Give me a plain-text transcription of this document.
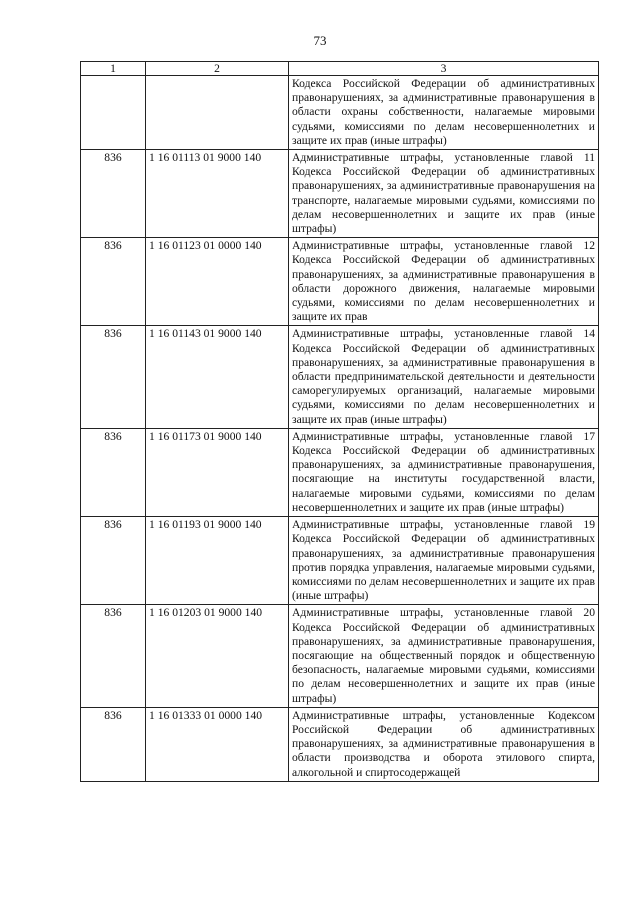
73
1	2	3
		Кодекса Российской Федерации об административных правонарушениях, за административные правонарушения в области охраны собственности, налагаемые мировыми судьями, комиссиями по делам несовершеннолетних и защите их прав (иные штрафы)
836	1 16 01113 01 9000 140	Административные штрафы, установленные главой 11 Кодекса Российской Федерации об административных правонарушениях, за административные правонарушения на транспорте, налагаемые мировыми судьями, комиссиями по делам несовершеннолетних и защите их прав (иные штрафы)
836	1 16 01123 01 0000 140	Административные штрафы, установленные главой 12 Кодекса Российской Федерации об административных правонарушениях, за административные правонарушения в области дорожного движения, налагаемые мировыми судьями, комиссиями по делам несовершеннолетних и защите их прав
836	1 16 01143 01 9000 140	Административные штрафы, установленные главой 14 Кодекса Российской Федерации об административных правонарушениях, за административные правонарушения в области предпринимательской деятельности и деятельности саморегулируемых организаций, налагаемые мировыми судьями, комиссиями по делам несовершеннолетних и защите их прав (иные штрафы)
836	1 16 01173 01 9000 140	Административные штрафы, установленные главой 17 Кодекса Российской Федерации об административных правонарушениях, за административные правонарушения, посягающие на институты государственной власти, налагаемые мировыми судьями, комиссиями по делам несовершеннолетних и защите их прав (иные штрафы)
836	1 16 01193 01 9000 140	Административные штрафы, установленные главой 19 Кодекса Российской Федерации об административных правонарушениях, за административные правонарушения против порядка управления, налагаемые мировыми судьями, комиссиями по делам несовершеннолетних и защите их прав (иные штрафы)
836	1 16 01203 01 9000 140	Административные штрафы, установленные главой 20 Кодекса Российской Федерации об административных правонарушениях, за административные правонарушения, посягающие на общественный порядок и общественную безопасность, налагаемые мировыми судьями, комиссиями по делам несовершеннолетних и защите их прав (иные штрафы)
836	1 16 01333 01 0000 140	Административные штрафы, установленные Кодексом Российской Федерации об административных правонарушениях, за административные правонарушения в области производства и оборота этилового спирта, алкогольной и спиртосодержащей
